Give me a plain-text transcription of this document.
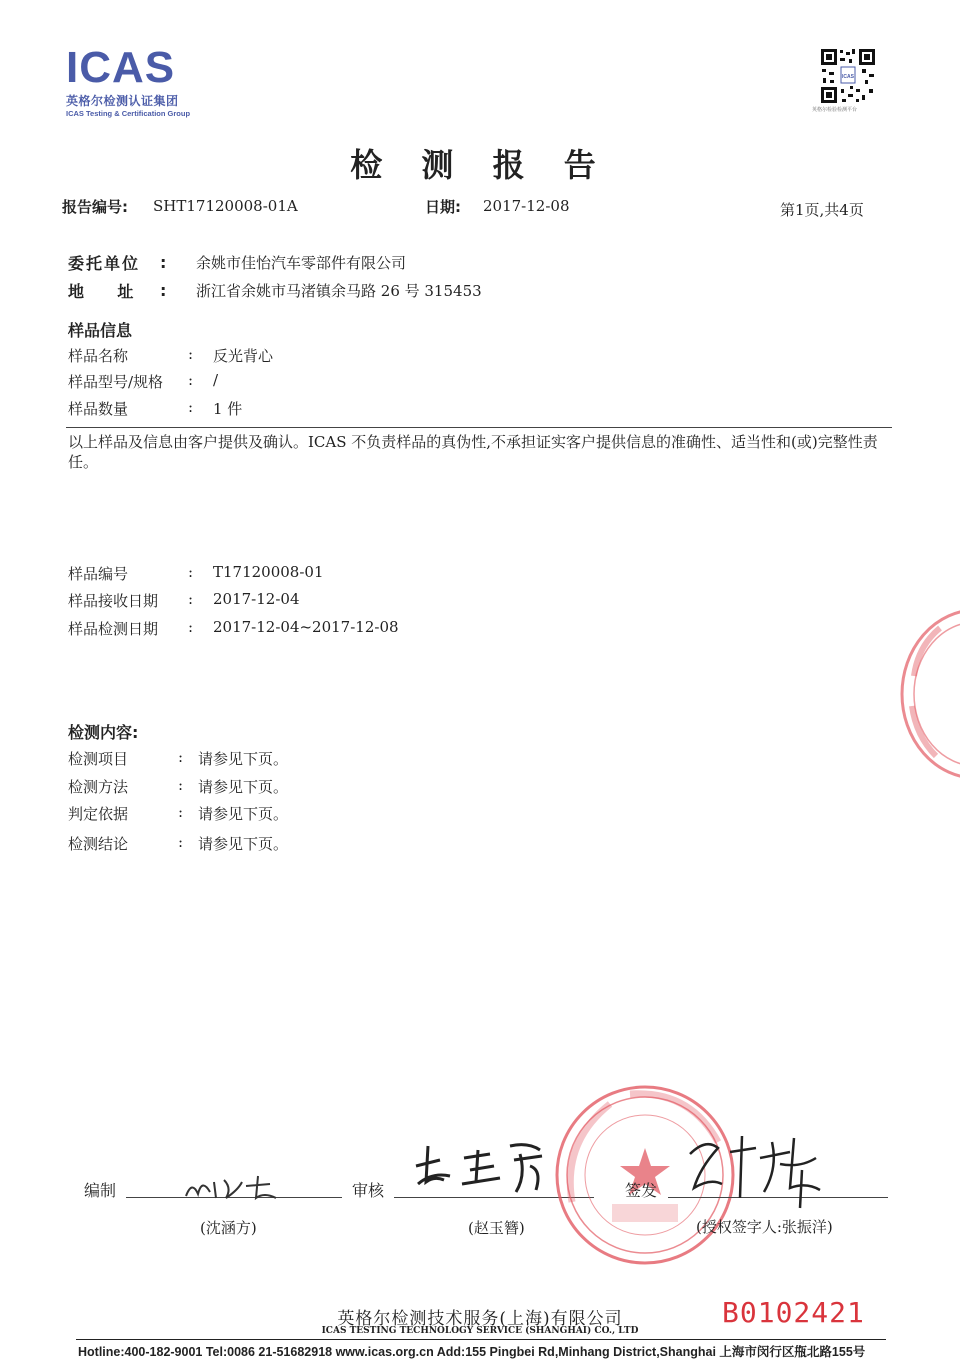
ICAS
英格尔检测认证集团
ICAS Testing & Certification Group
ICAS
英格尔检验检测平台
检 测 报 告
报告编号: SHT17120008-01A	日期: 2017-12-08	第1页,共4页
委托单位 : 余姚市佳怡汽车零部件有限公司
地      址 : 浙江省余姚市马渚镇余马路 26 号 315453
样品信息
样品名称	: 反光背心
样品型号/规格 : /
样品数量	: 1 件
以上样品及信息由客户提供及确认。ICAS 不负责样品的真伪性,不承担证实客户提供信息的准确性、适当性和(或)完整性责任。
样品编号	: T17120008-01
样品接收日期 : 2017-12-04
样品检测日期 : 2017-12-04~2017-12-08
检测内容:
检测项目	: 请参见下页。
检测方法	: 请参见下页。
判定依据	: 请参见下页。
检测结论	: 请参见下页。
编制
(沈涵方)
审核
(赵玉簪)
签发
(授权签字人:张振洋)
英格尔检测技术服务(上海)有限公司
ICAS TESTING TECHNOLOGY SERVICE (SHANGHAI) CO., LTD
B0102421
Hotline:400-182-9001 Tel:0086 21-51682918 www.icas.org.cn Add:155 Pingbei Rd,Minhang District,Shanghai 上海市闵行区甁北路155号
